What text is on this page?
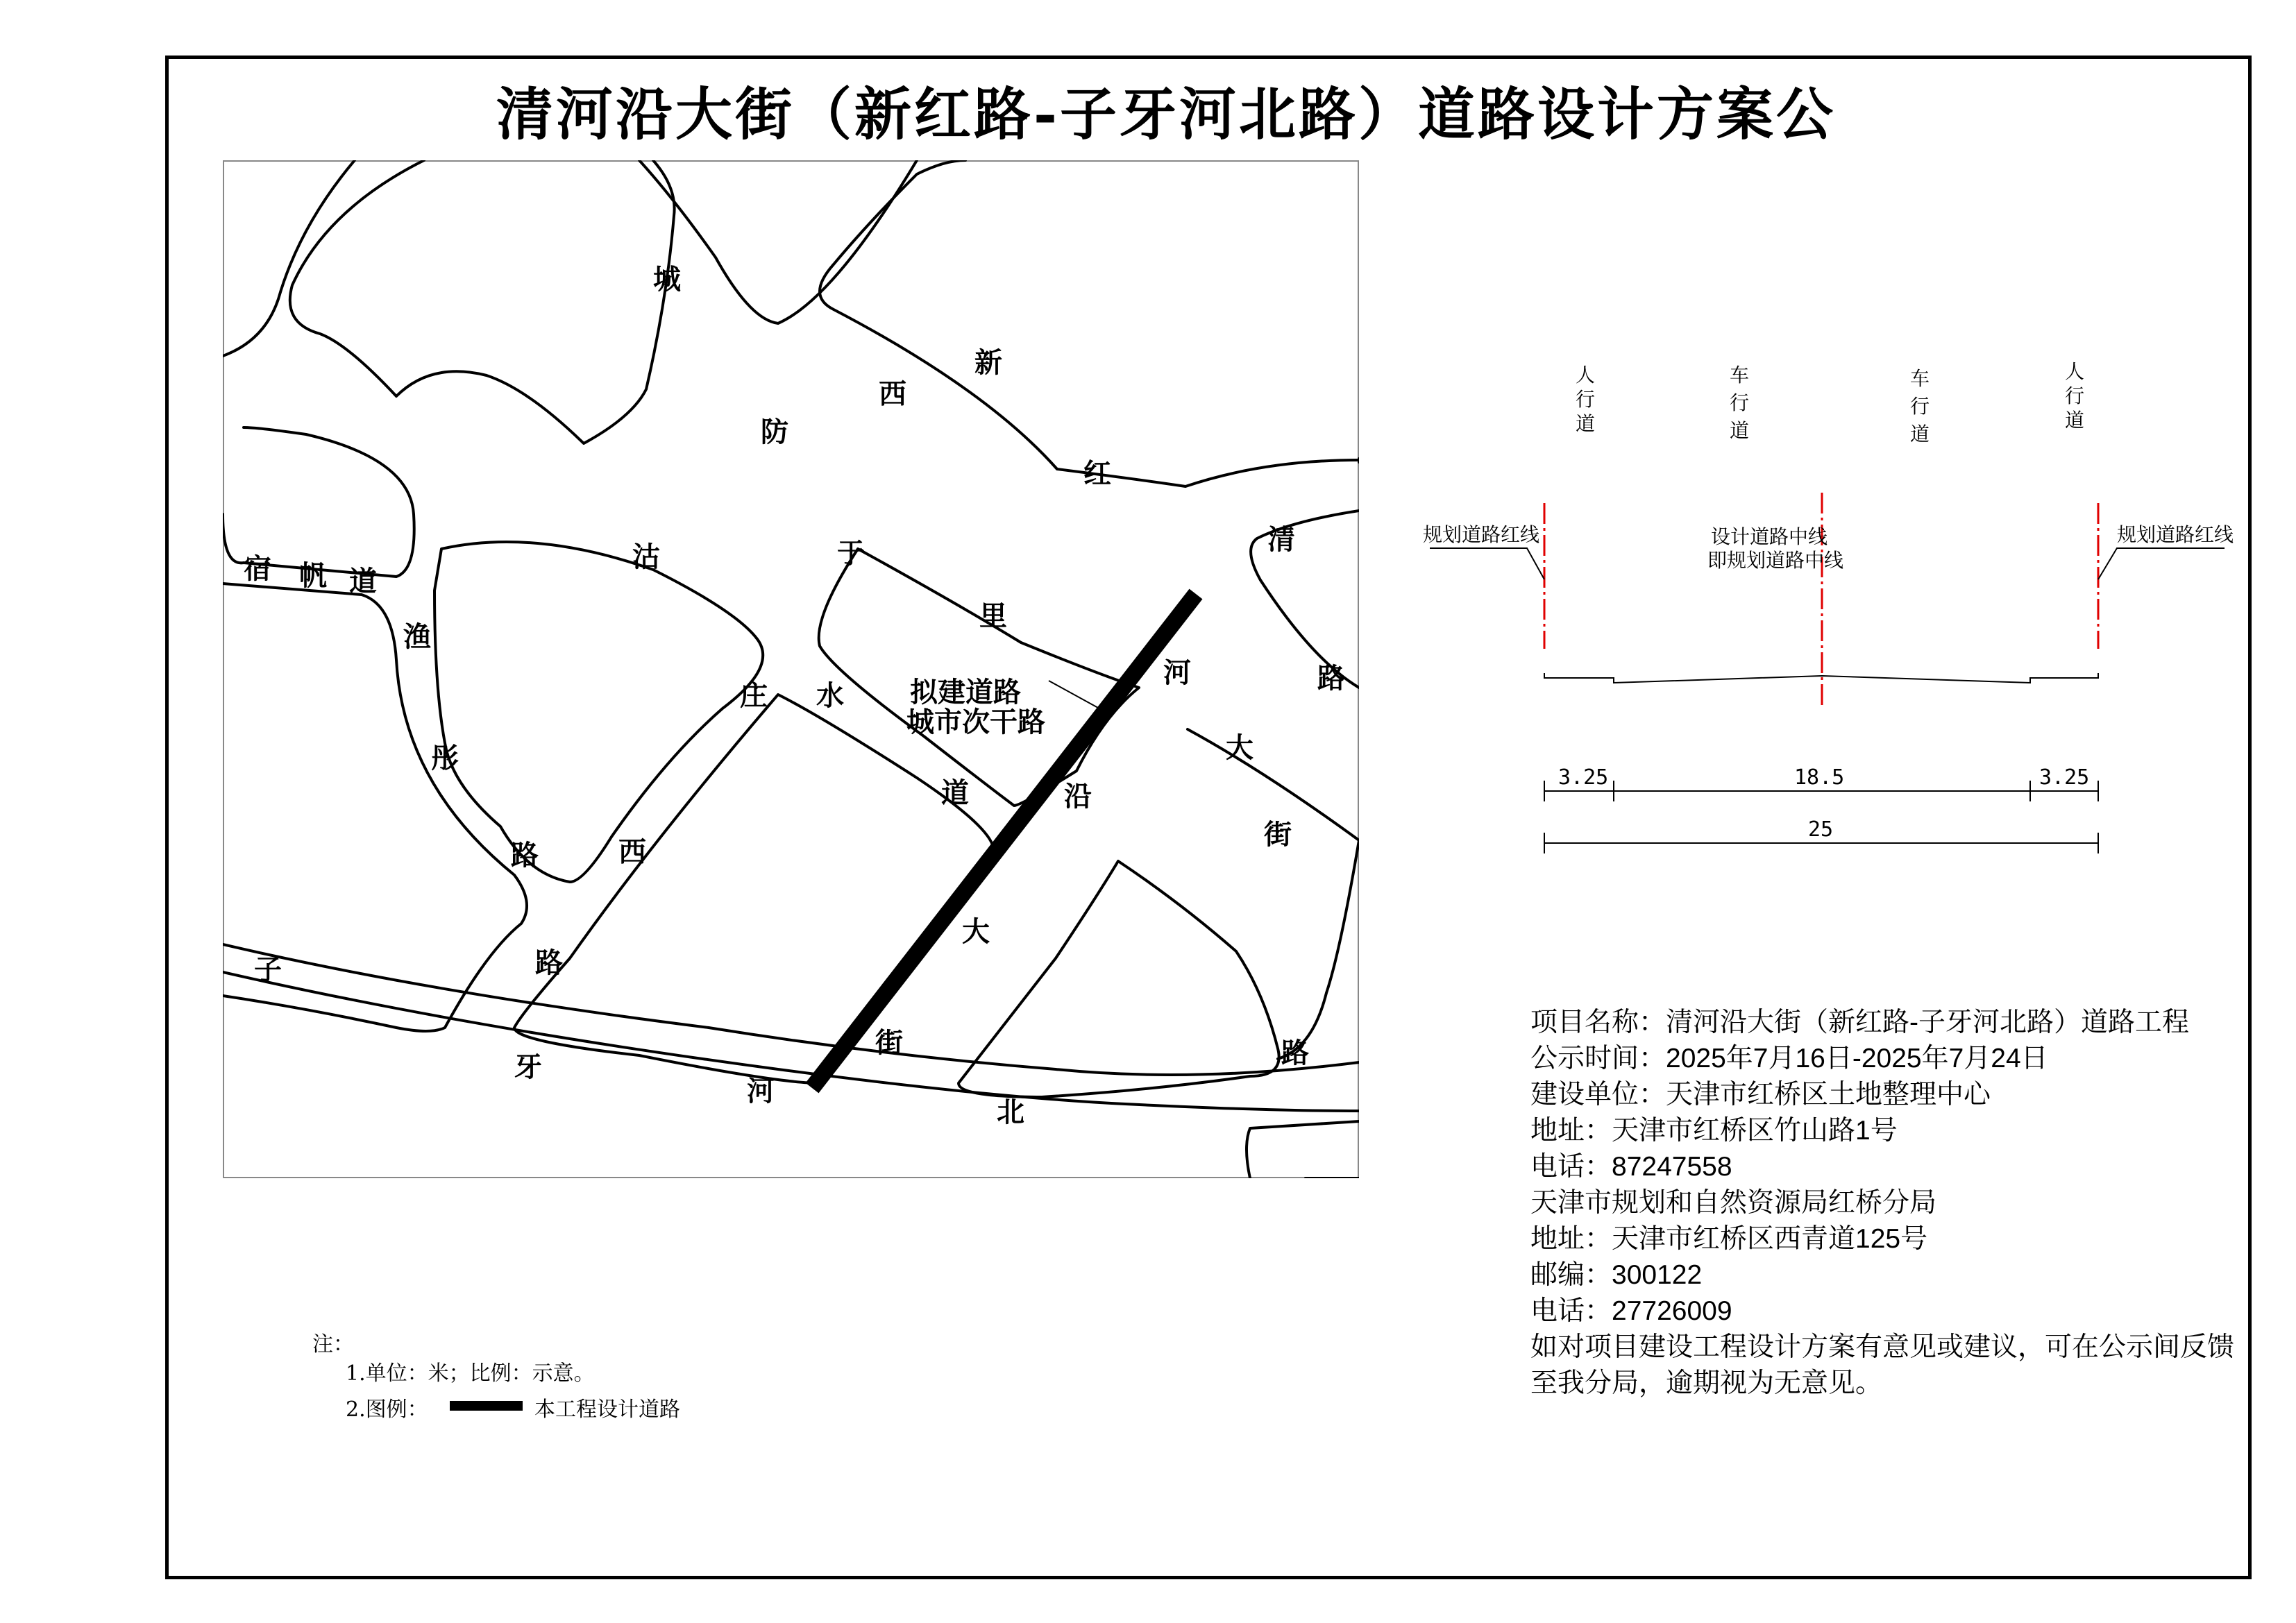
清河沿大街（新红路-子牙河北路）道路设计方案公
城
防
沽
新
红
清
路
西
于
里
宿 帆 道
渔
彤
路
庄 水
道
河
大
街
沿
大
街
西
路
子
牙
河
北
路
拟建道路
城市次干路
人
行
道
车
行
道
车
行
道
人
行
道
规划道路红线	规划道路红线
设计道路中线
即规划道路中线
3.25	18.5	3.25
25
项目名称：清河沿大街（新红路-子牙河北路）道路工程
公示时间：2025年7月16日-2025年7月24日
建设单位：天津市红桥区土地整理中心
地址：天津市红桥区竹山路1号
电话：87247558
天津市规划和自然资源局红桥分局
地址：天津市红桥区西青道125号
邮编：300122
电话：27726009
如对项目建设工程设计方案有意见或建议，可在公示间反馈
至我分局，逾期视为无意见。
注：
1.单位：米；比例：示意。
2.图例：	本工程设计道路
